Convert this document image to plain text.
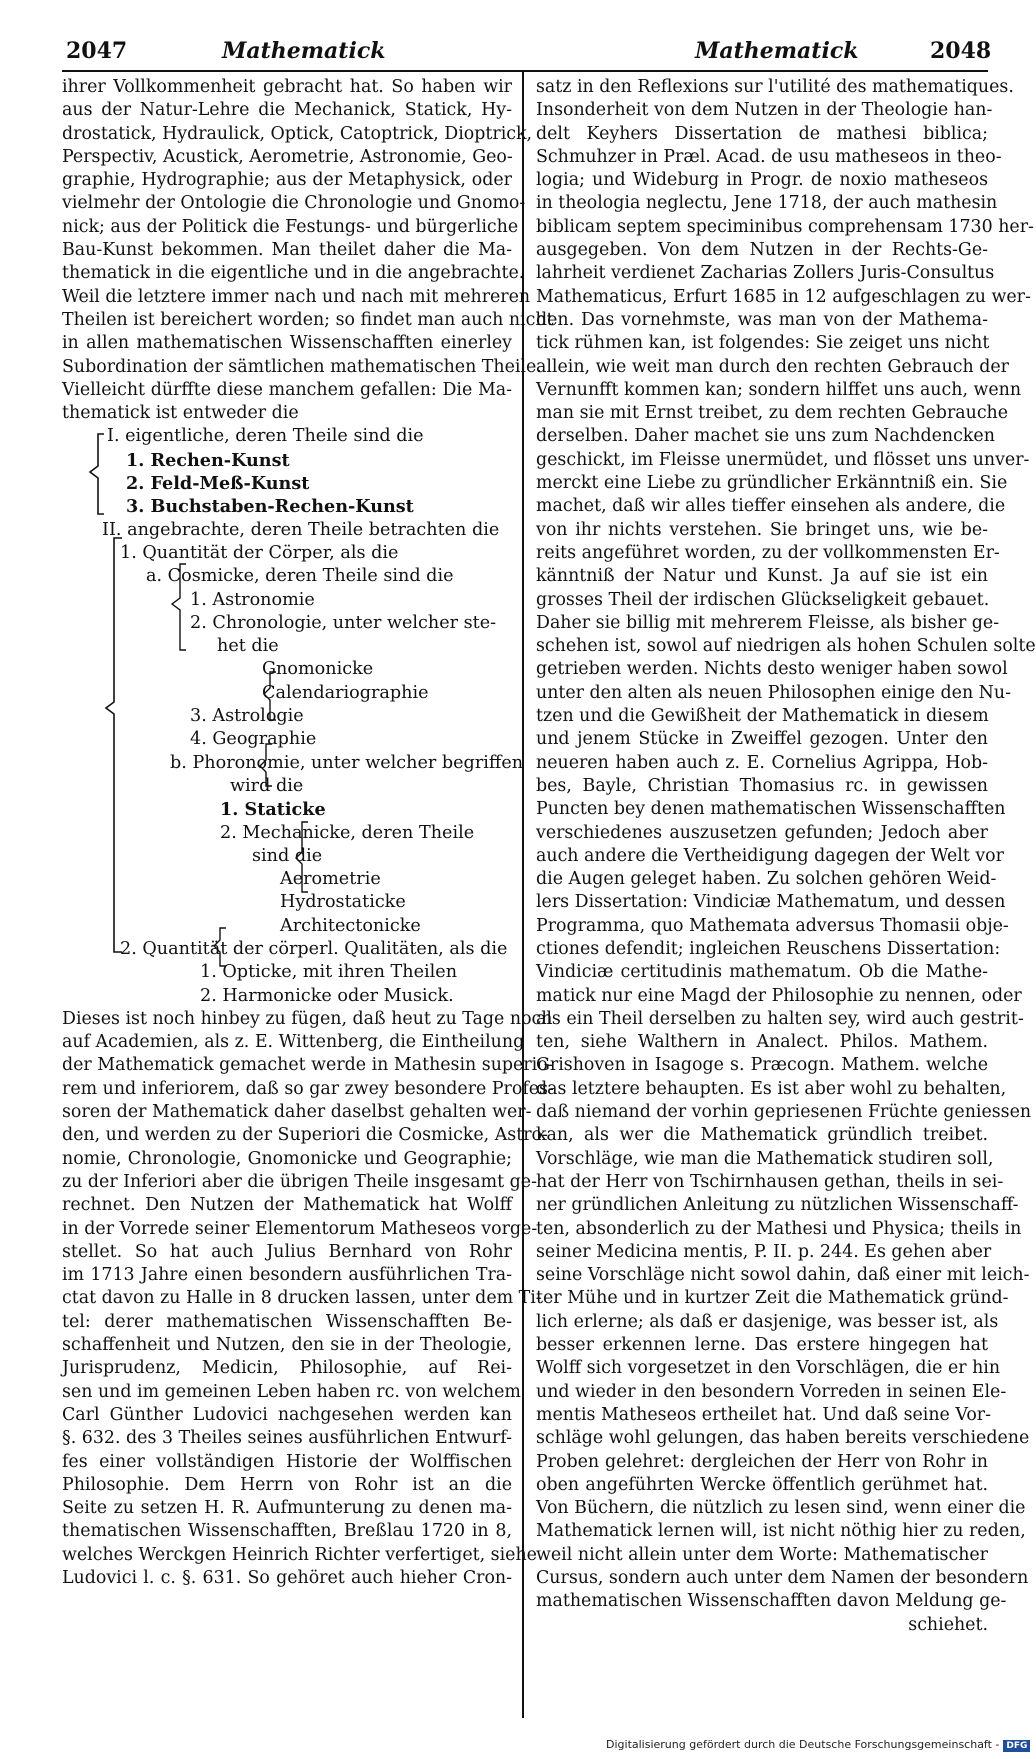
2047	Mathematick	Mathematick	2048
ihrer Vollkommenheit gebracht hat. So haben wir
aus der Natur-Lehre die Mechanick, Statick, Hy-
drostatick, Hydraulick, Optick, Catoptrick, Dioptrick,
Perspectiv, Acustick, Aerometrie, Astronomie, Geo-
graphie, Hydrographie; aus der Metaphysick, oder
vielmehr der Ontologie die Chronologie und Gnomo-
nick; aus der Politick die Festungs- und bürgerliche
Bau-Kunst bekommen. Man theilet daher die Ma-
thematick in die eigentliche und in die angebrachte.
Weil die letztere immer nach und nach mit mehreren
Theilen ist bereichert worden; so findet man auch nicht
in allen mathematischen Wissenschafften einerley
Subordination der sämtlichen mathematischen Theile.
Vielleicht dürffte diese manchem gefallen: Die Ma-
thematick ist entweder die
I. eigentliche, deren Theile sind die
1. Rechen-Kunst
2. Feld-Meß-Kunst
3. Buchstaben-Rechen-Kunst
II. angebrachte, deren Theile betrachten die
1. Quantität der Cörper, als die
a. Cosmicke, deren Theile sind die
1. Astronomie
2. Chronologie, unter welcher ste-
het die
Gnomonicke
Calendariographie
3. Astrologie
4. Geographie
b. Phoronomie, unter welcher begriffen
wird die
1. Staticke
2. Mechanicke, deren Theile
sind die
Aerometrie
Hydrostaticke
Architectonicke
2. Quantität der cörperl. Qualitäten, als die
1. Opticke, mit ihren Theilen
2. Harmonicke oder Musick.
Dieses ist noch hinbey zu fügen, daß heut zu Tage noch
auf Academien, als z. E. Wittenberg, die Eintheilung
der Mathematick gemachet werde in Mathesin superio-
rem und inferiorem, daß so gar zwey besondere Profes-
soren der Mathematick daher daselbst gehalten wer-
den, und werden zu der Superiori die Cosmicke, Astro-
nomie, Chronologie, Gnomonicke und Geographie;
zu der Inferiori aber die übrigen Theile insgesamt ge-
rechnet. Den Nutzen der Mathematick hat Wolff
in der Vorrede seiner Elementorum Matheseos vorge-
stellet. So hat auch Julius Bernhard von Rohr
im 1713 Jahre einen besondern ausführlichen Tra-
ctat davon zu Halle in 8 drucken lassen, unter dem Ti-
tel: derer mathematischen Wissenschafften Be-
schaffenheit und Nutzen, den sie in der Theologie,
Jurisprudenz, Medicin, Philosophie, auf Rei-
sen und im gemeinen Leben haben rc. von welchem
Carl Günther Ludovici nachgesehen werden kan
§. 632. des 3 Theiles seines ausführlichen Entwurf-
fes einer vollständigen Historie der Wolffischen
Philosophie. Dem Herrn von Rohr ist an die
Seite zu setzen H. R. Aufmunterung zu denen ma-
thematischen Wissenschafften, Breßlau 1720 in 8,
welches Werckgen Heinrich Richter verfertiget, siehe
Ludovici l. c. §. 631. So gehöret auch hieher Cron-
satz in den Reflexions sur l'utilité des mathematiques.
Insonderheit von dem Nutzen in der Theologie han-
delt Keyhers Dissertation de mathesi biblica;
Schmuhzer in Præl. Acad. de usu matheseos in theo-
logia; und Wideburg in Progr. de noxio matheseos
in theologia neglectu, Jene 1718, der auch mathesin
biblicam septem speciminibus comprehensam 1730 her-
ausgegeben. Von dem Nutzen in der Rechts-Ge-
lahrheit verdienet Zacharias Zollers Juris-Consultus
Mathematicus, Erfurt 1685 in 12 aufgeschlagen zu wer-
den. Das vornehmste, was man von der Mathema-
tick rühmen kan, ist folgendes: Sie zeiget uns nicht
allein, wie weit man durch den rechten Gebrauch der
Vernunfft kommen kan; sondern hilffet uns auch, wenn
man sie mit Ernst treibet, zu dem rechten Gebrauche
derselben. Daher machet sie uns zum Nachdencken
geschickt, im Fleisse unermüdet, und flösset uns unver-
merckt eine Liebe zu gründlicher Erkänntniß ein. Sie
machet, daß wir alles tieffer einsehen als andere, die
von ihr nichts verstehen. Sie bringet uns, wie be-
reits angeführet worden, zu der vollkommensten Er-
känntniß der Natur und Kunst. Ja auf sie ist ein
grosses Theil der irdischen Glückseligkeit gebauet.
Daher sie billig mit mehrerem Fleisse, als bisher ge-
schehen ist, sowol auf niedrigen als hohen Schulen solte
getrieben werden. Nichts desto weniger haben sowol
unter den alten als neuen Philosophen einige den Nu-
tzen und die Gewißheit der Mathematick in diesem
und jenem Stücke in Zweiffel gezogen. Unter den
neueren haben auch z. E. Cornelius Agrippa, Hob-
bes, Bayle, Christian Thomasius rc. in gewissen
Puncten bey denen mathematischen Wissenschafften
verschiedenes auszusetzen gefunden; Jedoch aber
auch andere die Vertheidigung dagegen der Welt vor
die Augen geleget haben. Zu solchen gehören Weid-
lers Dissertation: Vindiciæ Mathematum, und dessen
Programma, quo Mathemata adversus Thomasii obje-
ctiones defendit; ingleichen Reuschens Dissertation:
Vindiciæ certitudinis mathematum. Ob die Mathe-
matick nur eine Magd der Philosophie zu nennen, oder
als ein Theil derselben zu halten sey, wird auch gestrit-
ten, siehe Walthern in Analect. Philos. Mathem.
Grishoven in Isagoge s. Præcogn. Mathem. welche
das letztere behaupten. Es ist aber wohl zu behalten,
daß niemand der vorhin gepriesenen Früchte geniessen
kan, als wer die Mathematick gründlich treibet.
Vorschläge, wie man die Mathematick studiren soll,
hat der Herr von Tschirnhausen gethan, theils in sei-
ner gründlichen Anleitung zu nützlichen Wissenschaff-
ten, absonderlich zu der Mathesi und Physica; theils in
seiner Medicina mentis, P. II. p. 244. Es gehen aber
seine Vorschläge nicht sowol dahin, daß einer mit leich-
ter Mühe und in kurtzer Zeit die Mathematick gründ-
lich erlerne; als daß er dasjenige, was besser ist, als
besser erkennen lerne. Das erstere hingegen hat
Wolff sich vorgesetzet in den Vorschlägen, die er hin
und wieder in den besondern Vorreden in seinen Ele-
mentis Matheseos ertheilet hat. Und daß seine Vor-
schläge wohl gelungen, das haben bereits verschiedene
Proben gelehret: dergleichen der Herr von Rohr in
oben angeführten Wercke öffentlich gerühmet hat.
Von Büchern, die nützlich zu lesen sind, wenn einer die
Mathematick lernen will, ist nicht nöthig hier zu reden,
weil nicht allein unter dem Worte: Mathematischer
Cursus, sondern auch unter dem Namen der besondern
mathematischen Wissenschafften davon Meldung ge-
schiehet.
Digitalisierung gefördert durch die Deutsche Forschungsgemeinschaft - DFG
